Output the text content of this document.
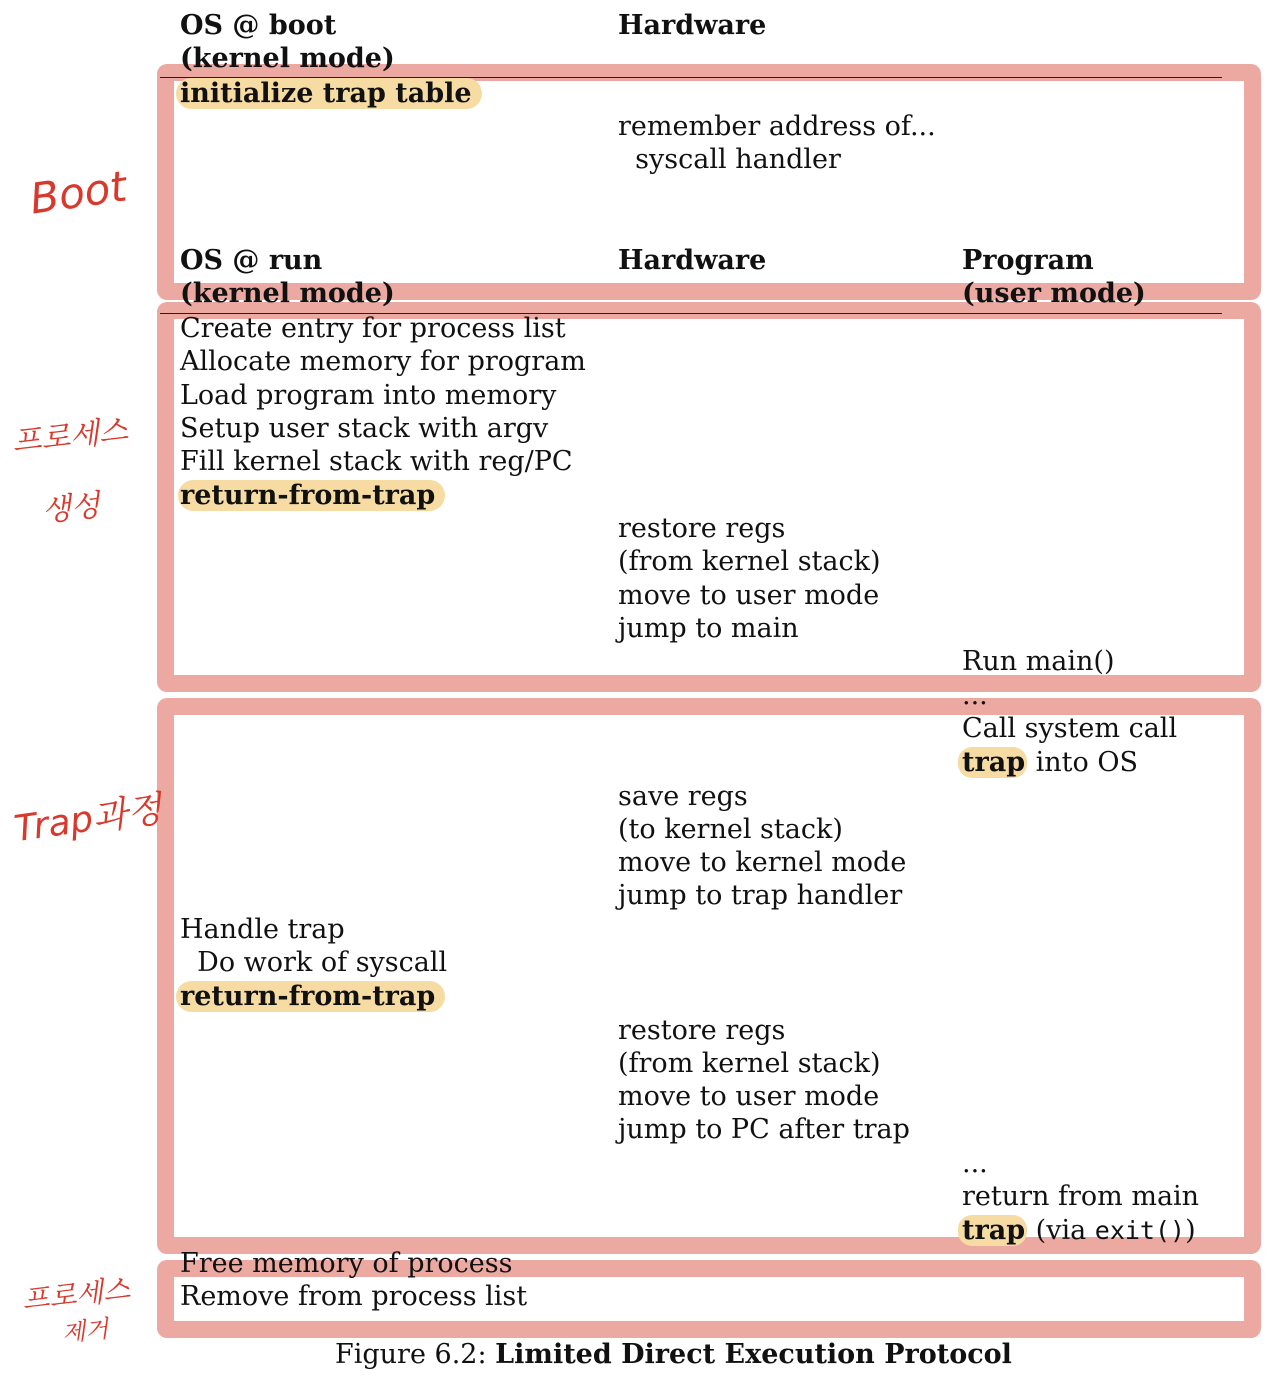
OS @ boot
(kernel mode)
Hardware
initialize trap table
remember address of...
syscall handler
OS @ run
(kernel mode)
Hardware	Program
(user mode)
Create entry for process list
Allocate memory for program
Load program into memory
Setup user stack with argv
Fill kernel stack with reg/PC
return-from-trap
restore regs
(from kernel stack)
move to user mode
jump to main
Run main()
...
Call system call
trap into OS
save regs
(to kernel stack)
move to kernel mode
jump to trap handler
Handle trap
Do work of syscall
return-from-trap
restore regs
(from kernel stack)
move to user mode
jump to PC after trap
...
return from main
trap (via exit())
Free memory of process
Remove from process list
Figure 6.2: Limited Direct Execution Protocol
Boot
프로세스
생성
Trap과정
프로세스
제거
